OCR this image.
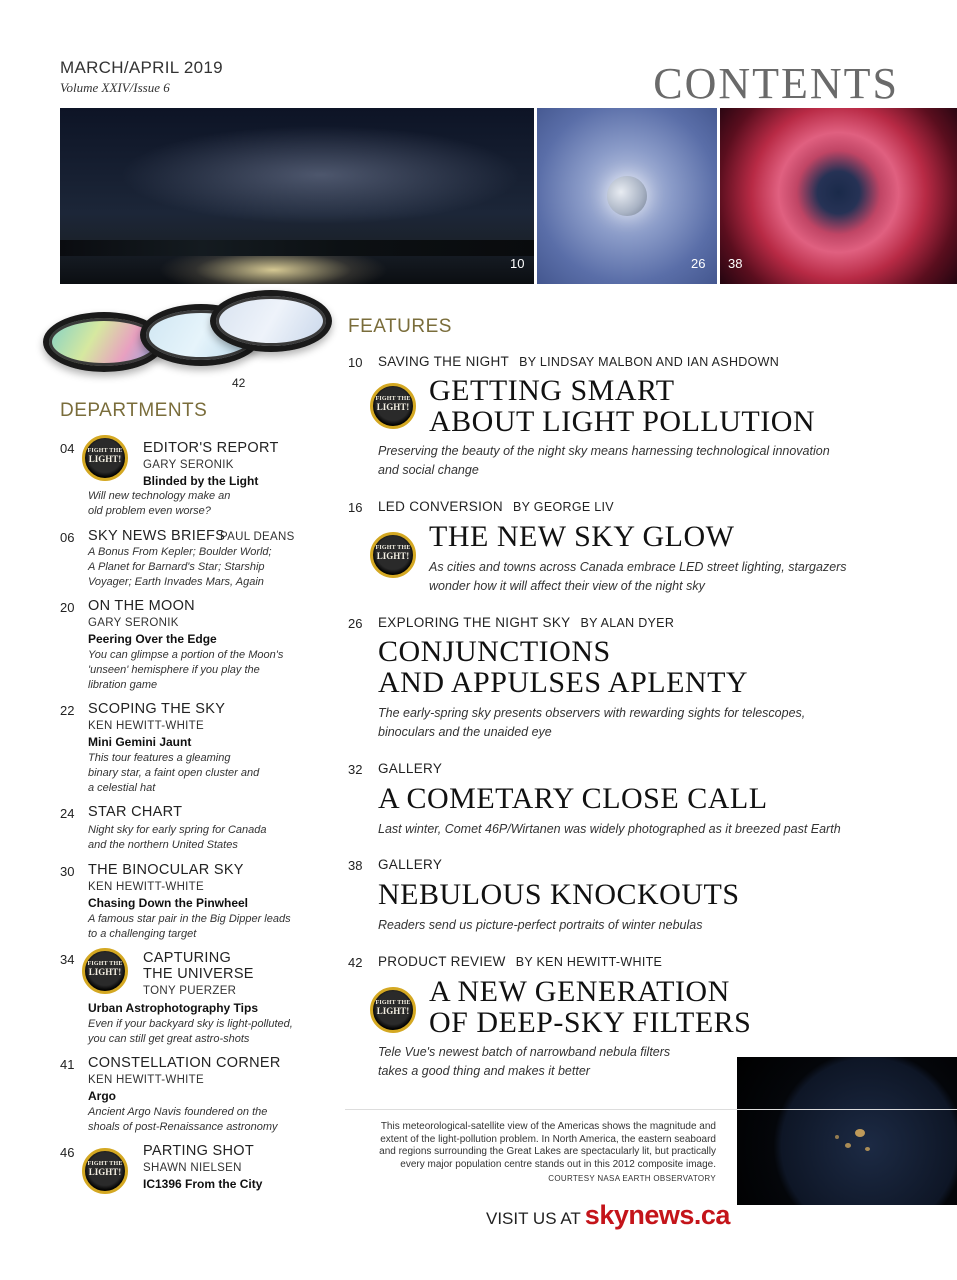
MARCH/APRIL 2019
Volume XXIV/Issue 6	CONTENTS
10	26 38
42
DEPARTMENTS
04	FIGHT THE
LIGHT!
EDITOR'S REPORT
GARY SERONIK
Blinded by the Light
Will new technology make an
old problem even worse?
06 SKY NEWS BRIEFS
PAUL DEANS
A Bonus From Kepler; Boulder World;
A Planet for Barnard's Star; Starship
Voyager; Earth Invades Mars, Again
20 ON THE MOON
GARY SERONIK
Peering Over the Edge
You can glimpse a portion of the Moon's
'unseen' hemisphere if you play the
libration game
22 SCOPING THE SKY
KEN HEWITT-WHITE
Mini Gemini Jaunt
This tour features a gleaming
binary star, a faint open cluster and
a celestial hat
24 STAR CHART
Night sky for early spring for Canada
and the northern United States
30 THE BINOCULAR SKY
KEN HEWITT-WHITE
Chasing Down the Pinwheel
A famous star pair in the Big Dipper leads
to a challenging target
34	FIGHT THE
LIGHT!
CAPTURING
THE UNIVERSE
TONY PUERZER
Urban Astrophotography Tips
Even if your backyard sky is light-polluted,
you can still get great astro-shots
41 CONSTELLATION CORNER
KEN HEWITT-WHITE
Argo
Ancient Argo Navis foundered on the
shoals of post-Renaissance astronomy
46
FIGHT THE
LIGHT!
PARTING SHOT
SHAWN NIELSEN
IC1396 From the City
FEATURES
10 SAVING THE NIGHT BY LINDSAY MALBON AND IAN ASHDOWN
FIGHT THE
LIGHT! GETTING SMART
ABOUT LIGHT POLLUTION
Preserving the beauty of the night sky means harnessing technological innovation
and social change
16 LED CONVERSION BY GEORGE LIV
FIGHT THE
LIGHT!
THE NEW SKY GLOW
As cities and towns across Canada embrace LED street lighting, stargazers
wonder how it will affect their view of the night sky
26 EXPLORING THE NIGHT SKY BY ALAN DYER
CONJUNCTIONS
AND APPULSES APLENTY
The early-spring sky presents observers with rewarding sights for telescopes,
binoculars and the unaided eye
32 GALLERY
A COMETARY CLOSE CALL
Last winter, Comet 46P/Wirtanen was widely photographed as it breezed past Earth
38 GALLERY
NEBULOUS KNOCKOUTS
Readers send us picture-perfect portraits of winter nebulas
42 PRODUCT REVIEW BY KEN HEWITT-WHITE
FIGHT THE
LIGHT!
A NEW GENERATION
OF DEEP-SKY FILTERS
Tele Vue's newest batch of narrowband nebula filters
takes a good thing and makes it better
This meteorological-satellite view of the Americas shows the magnitude and
extent of the light-pollution problem. In North America, the eastern seaboard
and regions surrounding the Great Lakes are spectacularly lit, but practically
every major population centre stands out in this 2012 composite image.
COURTESY NASA EARTH OBSERVATORY
VISIT US AT skynews.ca
